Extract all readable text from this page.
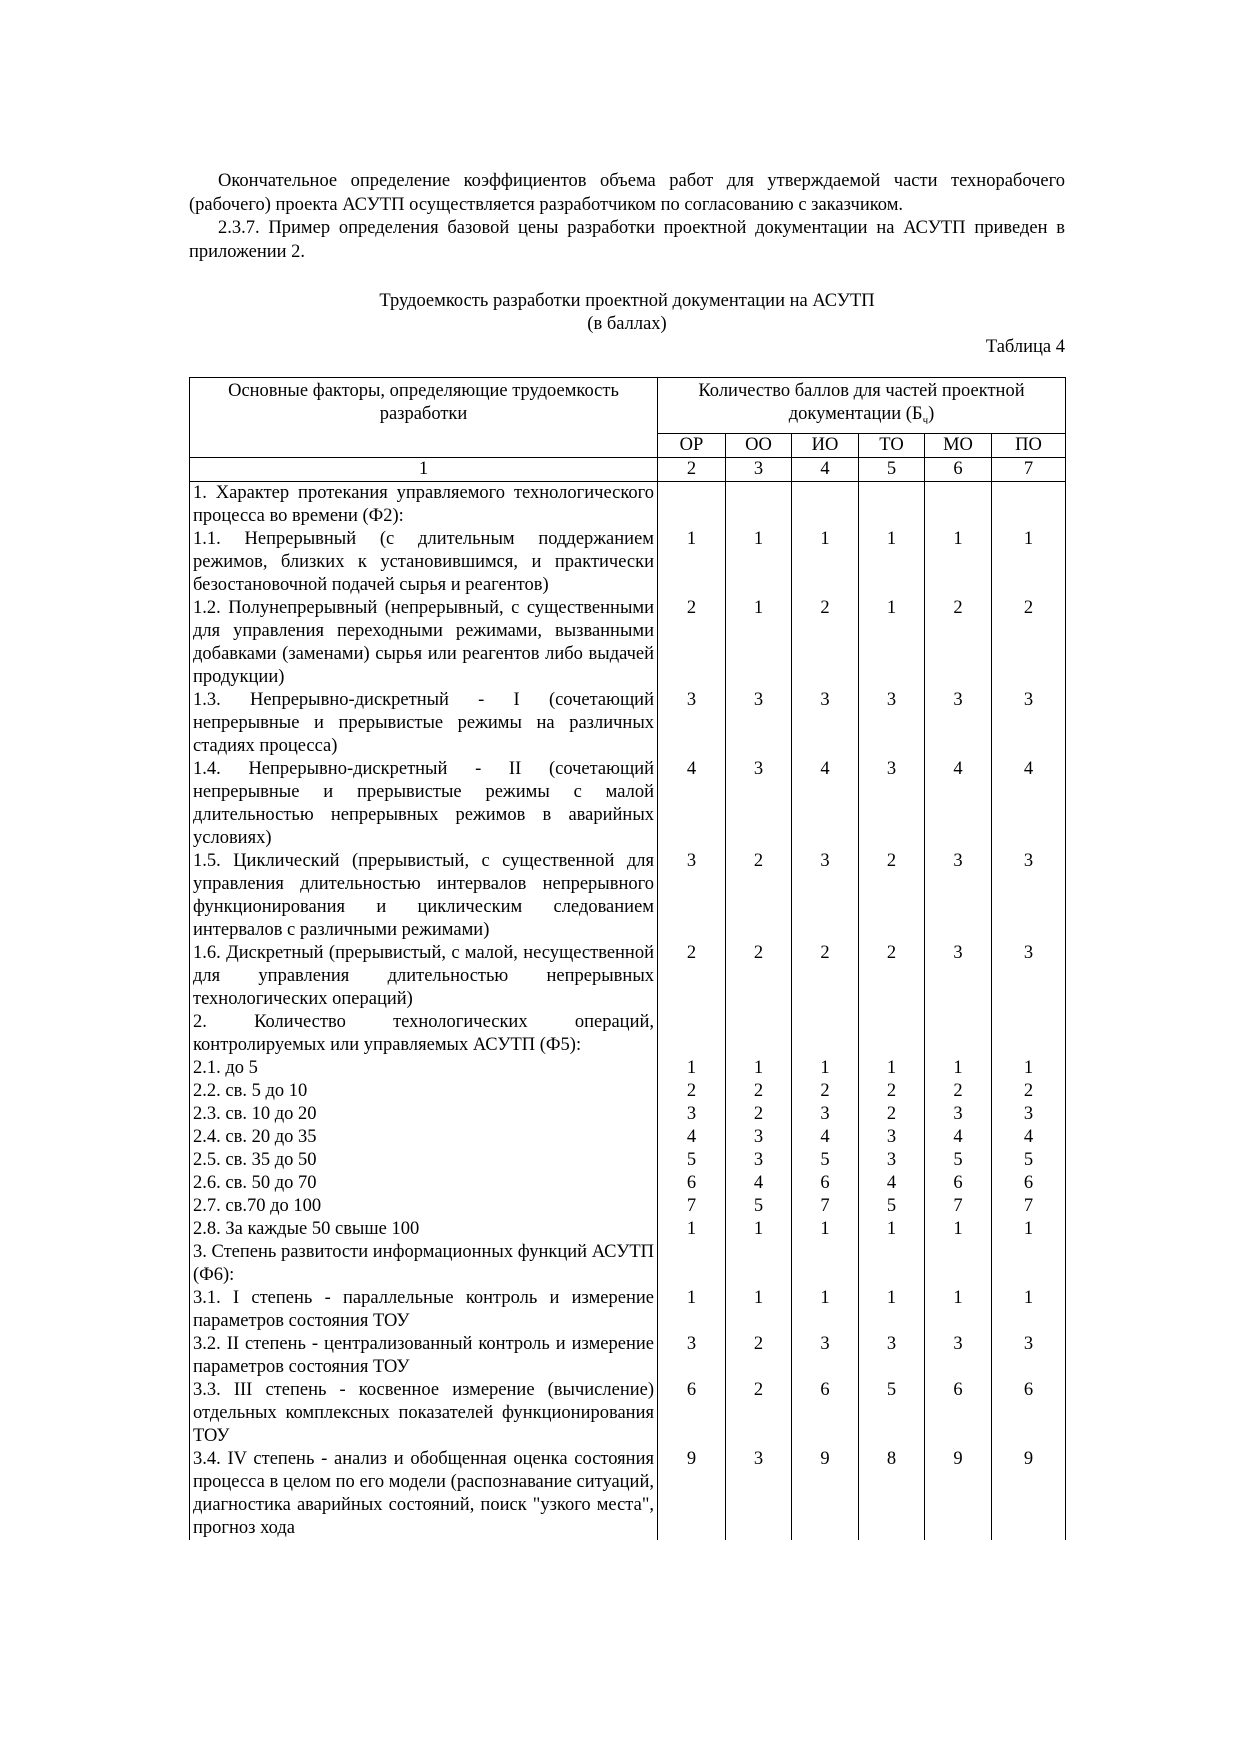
Окончательное определение коэффициентов объема работ для утверждаемой части технорабочего (рабочего) проекта АСУТП осуществляется разработчиком по согласованию с заказчиком.

2.3.7. Пример определения базовой цены разработки проектной документации на АСУТП приведен в приложении 2.

Трудоемкость разработки проектной документации на АСУТП

(в баллах)

Таблица 4

Основные факторы, определяющие трудоемкость разработки	Количество баллов для частей проектной документации $(Б_ч)$					
	ОР	ОО	ИО	ТО	МО	ПО
1	2	3	4	5	6	7
1. Характер протекания управляемого технологического процесса во времени (Ф2):						
1.1. Непрерывный (с длительным поддержанием режимов, близких к установившимся, и практически безостановочной подачей сырья и реагентов)	1	1	1	1	1	1
1.2. Полунепрерывный (непрерывный, с существенными для управления переходными режимами, вызванными добавками (заменами) сырья или реагентов либо выдачей продукции)	2	1	2	1	2	2
1.3. Непрерывно-дискретный - I (сочетающий непрерывные и прерывистые режимы на различных стадиях процесса)	3	3	3	3	3	3
1.4. Непрерывно-дискретный - II (сочетающий непрерывные и прерывистые режимы с малой длительностью непрерывных режимов в аварийных условиях)	4	3	4	3	4	4
1.5. Циклический (прерывистый, с существенной для управления длительностью интервалов непрерывного функционирования и циклическим следованием интервалов с различными режимами)	3	2	3	2	3	3
1.6. Дискретный (прерывистый, с малой, несущественной для управления длительностью непрерывных технологических операций)	2	2	2	2	3	3
2. Количество технологических операций, контролируемых или управляемых АСУТП (Ф5):						
2.1. до 5	1	1	1	1	1	1
2.2. св. 5 до 10	2	2	2	2	2	2
2.3. св. 10 до 20	3	2	3	2	3	3
2.4. св. 20 до 35	4	3	4	3	4	4
2.5. св. 35 до 50	5	3	5	3	5	5
2.6. св. 50 до 70	6	4	6	4	6	6
2.7. св.70 до 100	7	5	7	5	7	7
2.8. За каждые 50 свыше 100	1	1	1	1	1	1
3. Степень развитости информационных функций АСУТП (Ф6):						
3.1. I степень - параллельные контроль и измерение параметров состояния ТОУ	1	1	1	1	1	1
3.2. II степень - централизованный контроль и измерение параметров состояния ТОУ	3	2	3	3	3	3
3.3. III степень - косвенное измерение (вычисление) отдельных комплексных показателей функционирования ТОУ	6	2	6	5	6	6
3.4. IV степень - анализ и обобщенная оценка состояния процесса в целом по его модели (распознавание ситуаций, диагностика аварийных состояний, поиск "узкого места", прогноз хода	9	3	9	8	9	9
